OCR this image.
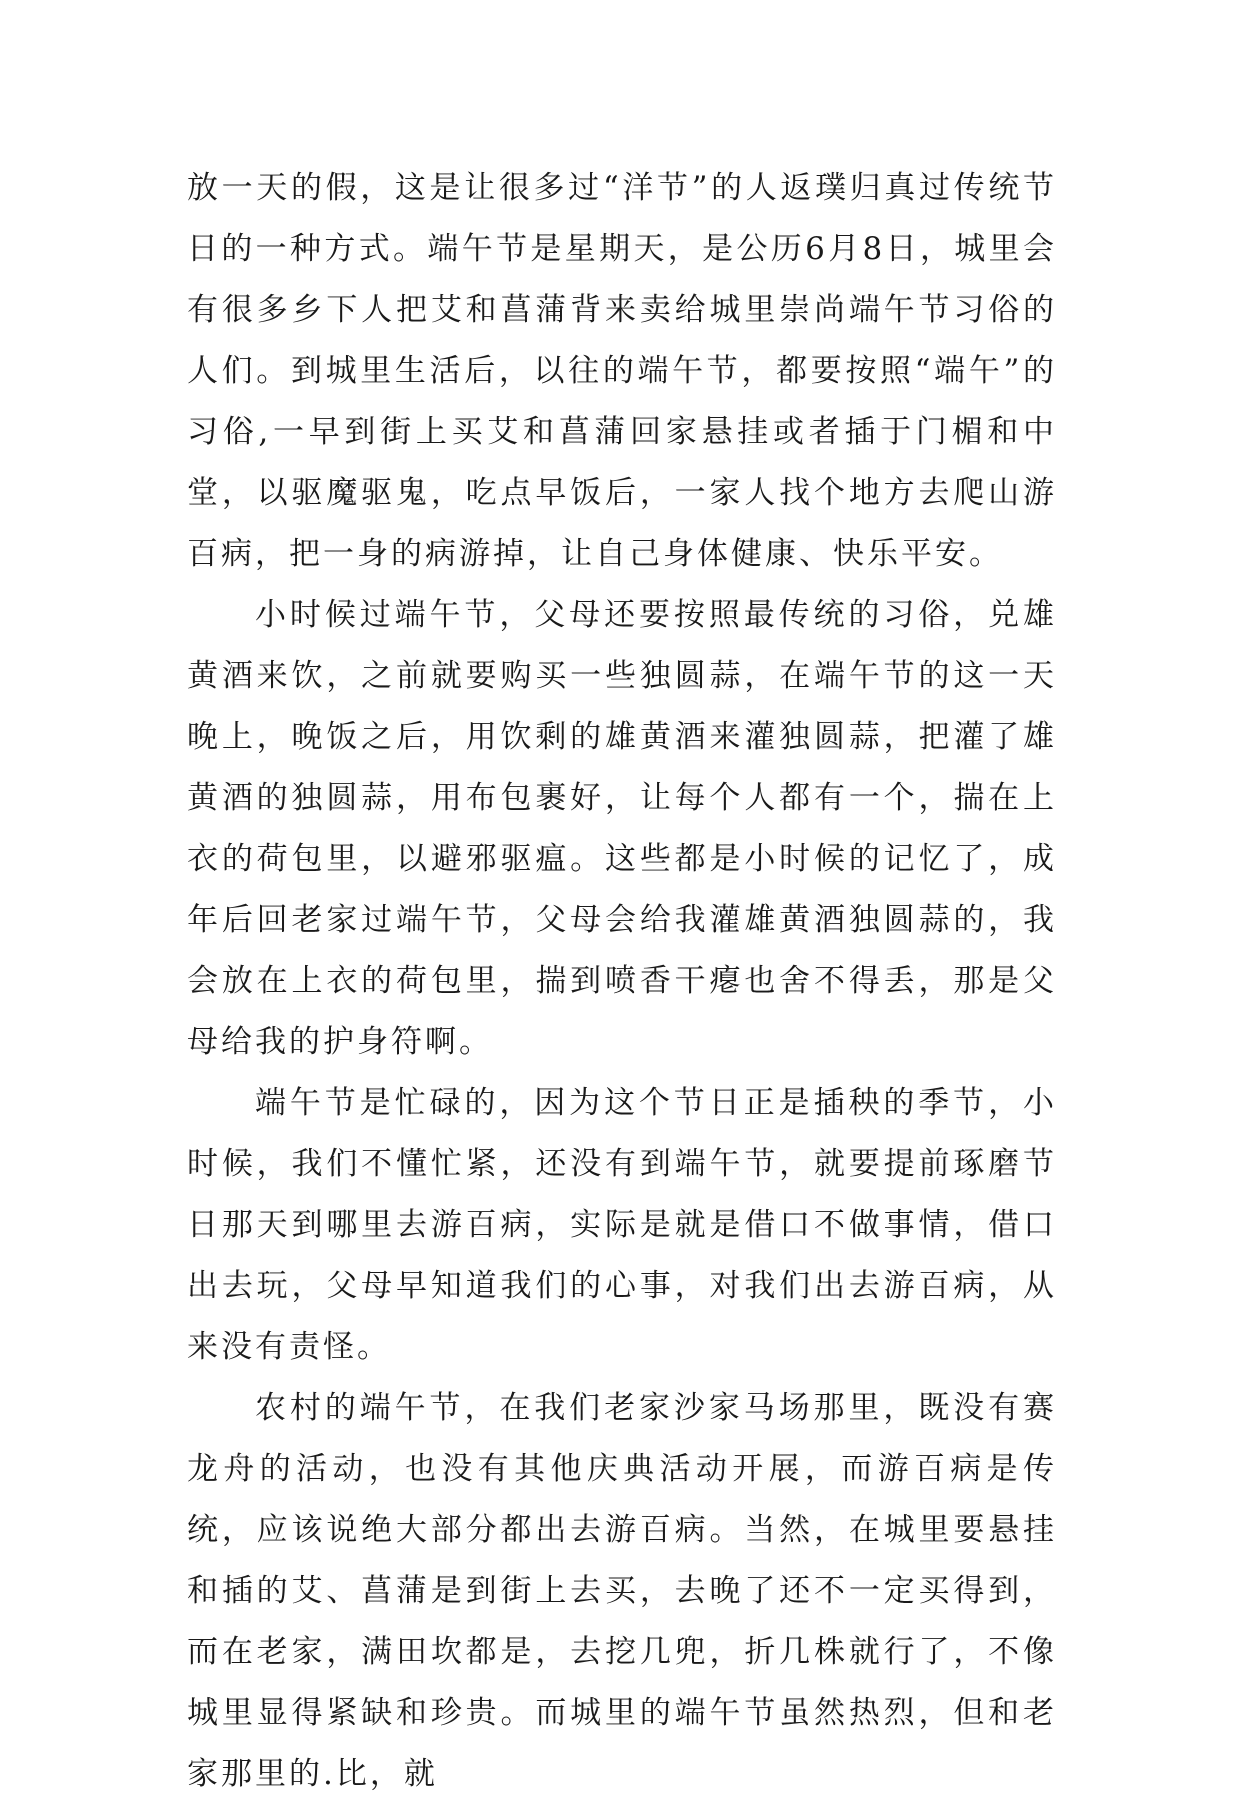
放一天的假，这是让很多过“洋节”的人返璞归真过传统节日的一种方式。端午节是星期天，是公历6月8日，城里会有很多乡下人把艾和菖蒲背来卖给城里崇尚端午节习俗的人们。到城里生活后，以往的端午节，都要按照“端午”的习俗,一早到街上买艾和菖蒲回家悬挂或者插于门楣和中堂，以驱魔驱鬼，吃点早饭后，一家人找个地方去爬山游百病，把一身的病游掉，让自己身体健康、快乐平安。

小时候过端午节，父母还要按照最传统的习俗，兑雄黄酒来饮，之前就要购买一些独圆蒜，在端午节的这一天晚上，晚饭之后，用饮剩的雄黄酒来灌独圆蒜，把灌了雄黄酒的独圆蒜，用布包裹好，让每个人都有一个，揣在上衣的荷包里，以避邪驱瘟。这些都是小时候的记忆了，成年后回老家过端午节，父母会给我灌雄黄酒独圆蒜的，我会放在上衣的荷包里，揣到喷香干瘪也舍不得丢，那是父母给我的护身符啊。

端午节是忙碌的，因为这个节日正是插秧的季节，小时候，我们不懂忙紧，还没有到端午节，就要提前琢磨节日那天到哪里去游百病，实际是就是借口不做事情，借口出去玩，父母早知道我们的心事，对我们出去游百病，从来没有责怪。

农村的端午节，在我们老家沙家马场那里，既没有赛龙舟的活动，也没有其他庆典活动开展，而游百病是传统，应该说绝大部分都出去游百病。当然，在城里要悬挂和插的艾、菖蒲是到街上去买，去晚了还不一定买得到，而在老家，满田坎都是，去挖几兜，折几株就行了，不像城里显得紧缺和珍贵。而城里的端午节虽然热烈，但和老家那里的.比，就
